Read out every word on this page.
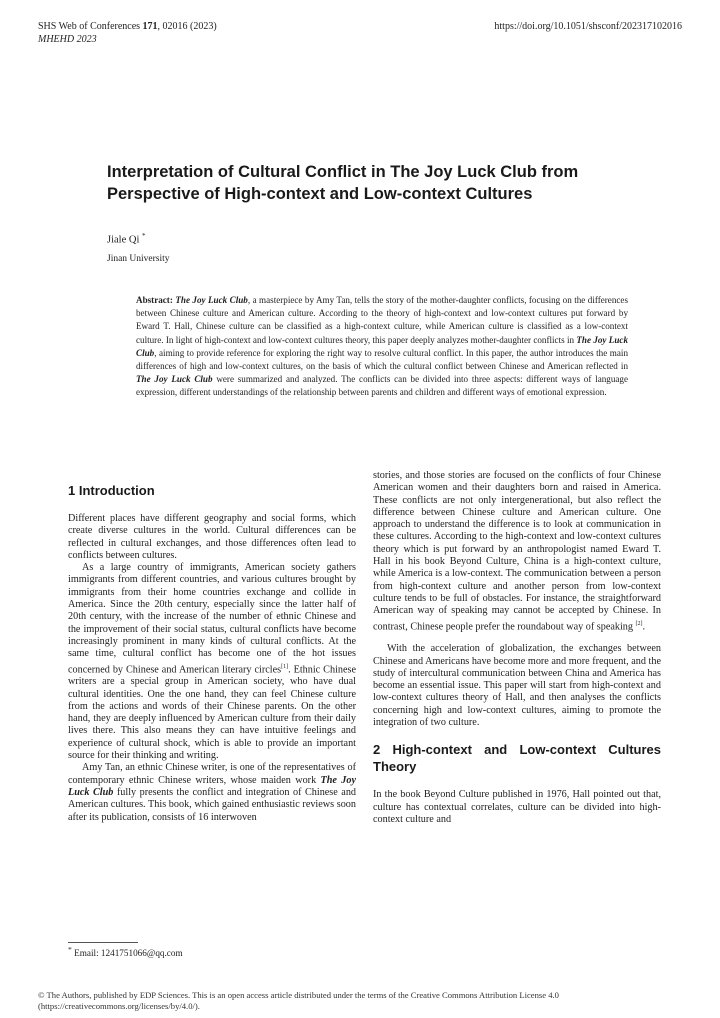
SHS Web of Conferences 171, 02016 (2023)
MHEHD 2023
https://doi.org/10.1051/shsconf/202317102016
Interpretation of Cultural Conflict in The Joy Luck Club from Perspective of High-context and Low-context Cultures
Jiale Qi *
Jinan University

Abstract: The Joy Luck Club, a masterpiece by Amy Tan, tells the story of the mother-daughter conflicts, focusing on the differences between Chinese culture and American culture. According to the theory of high-context and low-context cultures put forward by Eward T. Hall, Chinese culture can be classified as a high-context culture, while American culture is classified as a low-context culture. In light of high-context and low-context cultures theory, this paper deeply analyzes mother-daughter conflicts in The Joy Luck Club, aiming to provide reference for exploring the right way to resolve cultural conflict. In this paper, the author introduces the main differences of high and low-context cultures, on the basis of which the cultural conflict between Chinese and American reflected in The Joy Luck Club were summarized and analyzed. The conflicts can be divided into three aspects: different ways of language expression, different understandings of the relationship between parents and children and different ways of emotional expression.

1 Introduction

Different places have different geography and social forms, which create diverse cultures in the world. Cultural differences can be reflected in cultural exchanges, and those differences often lead to conflicts between cultures.

As a large country of immigrants, American society gathers immigrants from different countries, and various cultures brought by immigrants from their home countries exchange and collide in America. Since the 20th century, especially since the latter half of 20th century, with the increase of the number of ethnic Chinese and the improvement of their social status, cultural conflicts have become increasingly prominent in many kinds of cultural conflicts. At the same time, cultural conflict has become one of the hot issues concerned by Chinese and American literary circles[1]. Ethnic Chinese writers are a special group in American society, who have dual cultural identities. One the one hand, they can feel Chinese culture from the actions and words of their Chinese parents. On the other hand, they are deeply influenced by American culture from their daily lives there. This also means they can have intuitive feelings and experience of cultural shock, which is able to provide an important source for their thinking and writing.

Amy Tan, an ethnic Chinese writer, is one of the representatives of contemporary ethnic Chinese writers, whose maiden work The Joy Luck Club fully presents the conflict and integration of Chinese and American cultures. This book, which gained enthusiastic reviews soon after its publication, consists of 16 interwoven

stories, and those stories are focused on the conflicts of four Chinese American women and their daughters born and raised in America. These conflicts are not only intergenerational, but also reflect the difference between Chinese culture and American culture. One approach to understand the difference is to look at communication in these cultures. According to the high-context and low-context cultures theory which is put forward by an anthropologist named Eward T. Hall in his book Beyond Culture, China is a high-context culture, while America is a low-context. The communication between a person from high-context culture and another person from low-context culture tends to be full of obstacles. For instance, the straightforward American way of speaking may cannot be accepted by Chinese. In contrast, Chinese people prefer the roundabout way of speaking [2].

With the acceleration of globalization, the exchanges between Chinese and Americans have become more and more frequent, and the study of intercultural communication between China and America has become an essential issue. This paper will start from high-context and low-context cultures theory of Hall, and then analyses the conflicts concerning high and low-context cultures, aiming to promote the integration of two culture.

2 High-context and Low-context Cultures Theory

In the book Beyond Culture published in 1976, Hall pointed out that, culture has contextual correlates, culture can be divided into high-context culture and

* Email: 1241751066@qq.com
© The Authors, published by EDP Sciences. This is an open access article distributed under the terms of the Creative Commons Attribution License 4.0 (https://creativecommons.org/licenses/by/4.0/).
